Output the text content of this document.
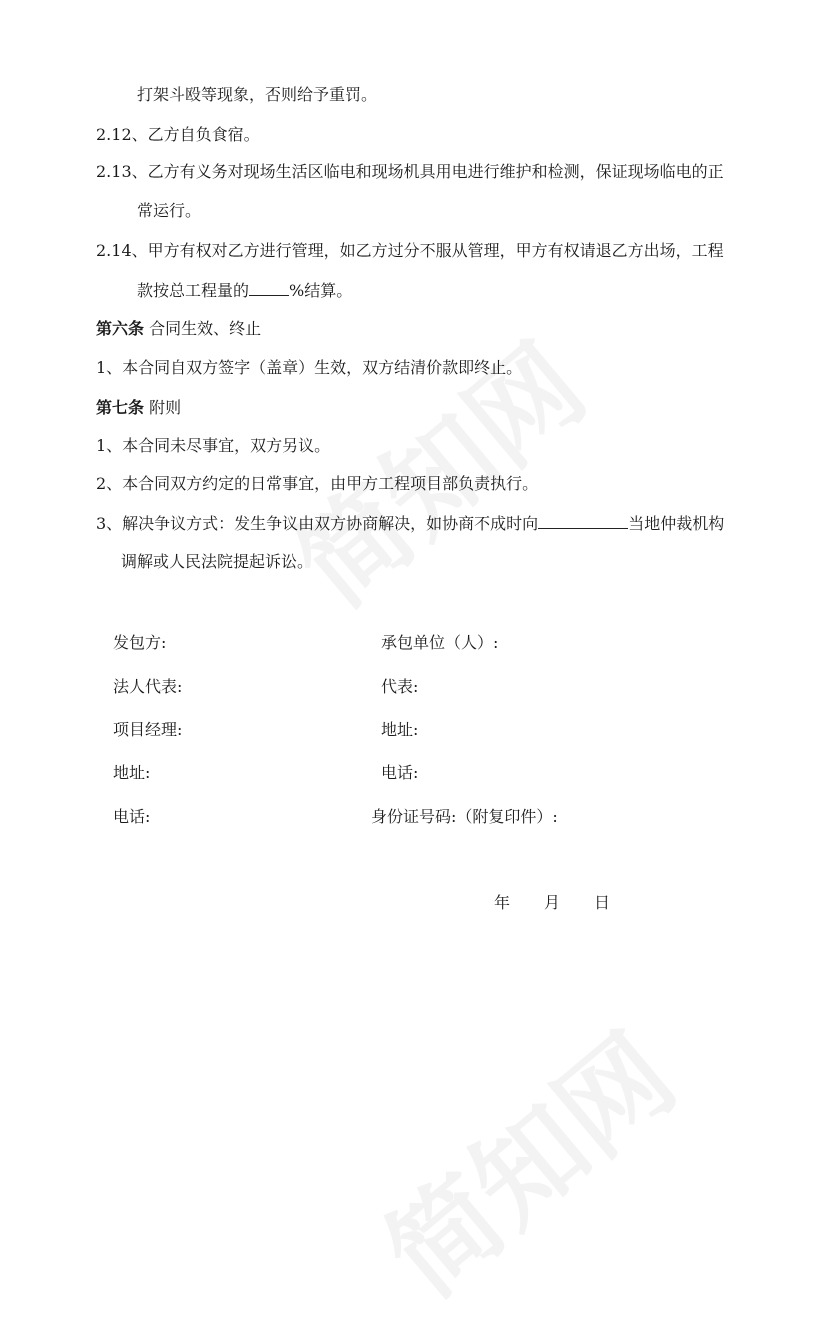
打架斗殴等现象，否则给予重罚。
2.12、乙方自负食宿。
2.13、乙方有义务对现场生活区临电和现场机具用电进行维护和检测，保证现场临电的正
常运行。
2.14、甲方有权对乙方进行管理，如乙方过分不服从管理，甲方有权请退乙方出场，工程
款按总工程量的	%结算。
第六条 合同生效、终止
1、本合同自双方签字（盖章）生效，双方结清价款即终止。
第七条 附则
1、本合同未尽事宜，双方另议。
2、本合同双方约定的日常事宜，由甲方工程项目部负责执行。
3、解决争议方式：发生争议由双方协商解决，如协商不成时向	当地仲裁机构
调解或人民法院提起诉讼。
发包方:
法人代表:
项目经理:
地址:
电话:
承包单位（人）:
代表:
地址:
电话:
身份证号码:（附复印件）:
年 月 日
